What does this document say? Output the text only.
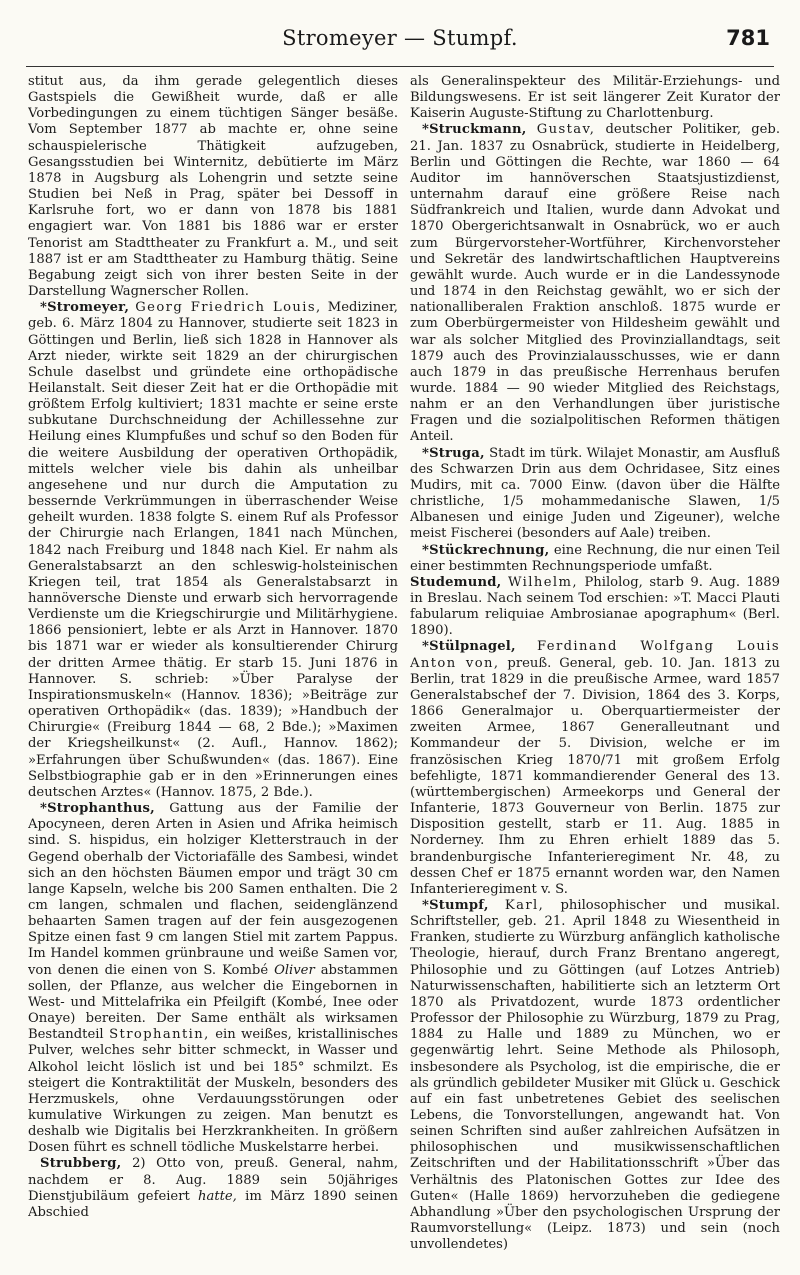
Stromeyer — Stumpf.	781

stitut aus, da ihm gerade gelegentlich dieses Gastspiels die Gewißheit wurde, daß er alle Vorbedingungen zu einem tüchtigen Sänger besäße. Vom September 1877 ab machte er, ohne seine schauspielerische Thätigkeit aufzugeben, Gesangsstudien bei Winternitz, debütierte im März 1878 in Augsburg als Lohengrin und setzte seine Studien bei Neß in Prag, später bei Dessoff in Karlsruhe fort, wo er dann von 1878 bis 1881 engagiert war. Von 1881 bis 1886 war er erster Tenorist am Stadttheater zu Frankfurt a. M., und seit 1887 ist er am Stadttheater zu Hamburg thätig. Seine Begabung zeigt sich von ihrer besten Seite in der Darstellung Wagnerscher Rollen.

*Stromeyer, Georg Friedrich Louis, Mediziner, geb. 6. März 1804 zu Hannover, studierte seit 1823 in Göttingen und Berlin, ließ sich 1828 in Hannover als Arzt nieder, wirkte seit 1829 an der chirurgischen Schule daselbst und gründete eine orthopädische Heilanstalt. Seit dieser Zeit hat er die Orthopädie mit größtem Erfolg kultiviert; 1831 machte er seine erste subkutane Durchschneidung der Achillessehne zur Heilung eines Klumpfußes und schuf so den Boden für die weitere Ausbildung der operativen Orthopädik, mittels welcher viele bis dahin als unheilbar angesehene und nur durch die Amputation zu bessernde Verkrümmungen in überraschender Weise geheilt wurden. 1838 folgte S. einem Ruf als Professor der Chirurgie nach Erlangen, 1841 nach München, 1842 nach Freiburg und 1848 nach Kiel. Er nahm als Generalstabsarzt an den schleswig-holsteinischen Kriegen teil, trat 1854 als Generalstabsarzt in hannöversche Dienste und erwarb sich hervorragende Verdienste um die Kriegschirurgie und Militärhygiene. 1866 pensioniert, lebte er als Arzt in Hannover. 1870 bis 1871 war er wieder als konsultierender Chirurg der dritten Armee thätig. Er starb 15. Juni 1876 in Hannover. S. schrieb: »Über Paralyse der Inspirationsmuskeln« (Hannov. 1836); »Beiträge zur operativen Orthopädik« (das. 1839); »Handbuch der Chirurgie« (Freiburg 1844 — 68, 2 Bde.); »Maximen der Kriegsheilkunst« (2. Aufl., Hannov. 1862); »Erfahrungen über Schußwunden« (das. 1867). Eine Selbstbiographie gab er in den »Erinnerungen eines deutschen Arztes« (Hannov. 1875, 2 Bde.).

*Strophanthus, Gattung aus der Familie der Apocyneen, deren Arten in Asien und Afrika heimisch sind. S. hispidus, ein holziger Kletterstrauch in der Gegend oberhalb der Victoriafälle des Sambesi, windet sich an den höchsten Bäumen empor und trägt 30 cm lange Kapseln, welche bis 200 Samen enthalten. Die 2 cm langen, schmalen und flachen, seidenglänzend behaarten Samen tragen auf der fein ausgezogenen Spitze einen fast 9 cm langen Stiel mit zartem Pappus. Im Handel kommen grünbraune und weiße Samen vor, von denen die einen von S. Kombé Oliver abstammen sollen, der Pflanze, aus welcher die Eingebornen in West- und Mittelafrika ein Pfeilgift (Kombé, Inee oder Onaye) bereiten. Der Same enthält als wirksamen Bestandteil Strophantin, ein weißes, kristallinisches Pulver, welches sehr bitter schmeckt, in Wasser und Alkohol leicht löslich ist und bei 185° schmilzt. Es steigert die Kontraktilität der Muskeln, besonders des Herzmuskels, ohne Verdauungsstörungen oder kumulative Wirkungen zu zeigen. Man benutzt es deshalb wie Digitalis bei Herzkrankheiten. In größern Dosen führt es schnell tödliche Muskelstarre herbei.

Strubberg, 2) Otto von, preuß. General, nahm, nachdem er 8. Aug. 1889 sein 50jähriges Dienstjubiläum gefeiert hatte, im März 1890 seinen Abschied

als Generalinspekteur des Militär-Erziehungs- und Bildungswesens. Er ist seit längerer Zeit Kurator der Kaiserin Auguste-Stiftung zu Charlottenburg.

*Struckmann, Gustav, deutscher Politiker, geb. 21. Jan. 1837 zu Osnabrück, studierte in Heidelberg, Berlin und Göttingen die Rechte, war 1860 — 64 Auditor im hannöverschen Staatsjustizdienst, unternahm darauf eine größere Reise nach Südfrankreich und Italien, wurde dann Advokat und 1870 Obergerichtsanwalt in Osnabrück, wo er auch zum Bürgervorsteher-Wortführer, Kirchenvorsteher und Sekretär des landwirtschaftlichen Hauptvereins gewählt wurde. Auch wurde er in die Landessynode und 1874 in den Reichstag gewählt, wo er sich der nationalliberalen Fraktion anschloß. 1875 wurde er zum Oberbürgermeister von Hildesheim gewählt und war als solcher Mitglied des Provinziallandtags, seit 1879 auch des Provinzialausschusses, wie er dann auch 1879 in das preußische Herrenhaus berufen wurde. 1884 — 90 wieder Mitglied des Reichstags, nahm er an den Verhandlungen über juristische Fragen und die sozialpolitischen Reformen thätigen Anteil.

*Struga, Stadt im türk. Wilajet Monastir, am Ausfluß des Schwarzen Drin aus dem Ochridasee, Sitz eines Mudirs, mit ca. 7000 Einw. (davon über die Hälfte christliche, 1/5 mohammedanische Slawen, 1/5 Albanesen und einige Juden und Zigeuner), welche meist Fischerei (besonders auf Aale) treiben.

*Stückrechnung, eine Rechnung, die nur einen Teil einer bestimmten Rechnungsperiode umfaßt.

Studemund, Wilhelm, Philolog, starb 9. Aug. 1889 in Breslau. Nach seinem Tod erschien: »T. Macci Plauti fabularum reliquiae Ambrosianae apographum« (Berl. 1890).

*Stülpnagel, Ferdinand Wolfgang Louis Anton von, preuß. General, geb. 10. Jan. 1813 zu Berlin, trat 1829 in die preußische Armee, ward 1857 Generalstabschef der 7. Division, 1864 des 3. Korps, 1866 Generalmajor u. Oberquartiermeister der zweiten Armee, 1867 Generalleutnant und Kommandeur der 5. Division, welche er im französischen Krieg 1870/71 mit großem Erfolg befehligte, 1871 kommandierender General des 13. (württembergischen) Armeekorps und General der Infanterie, 1873 Gouverneur von Berlin. 1875 zur Disposition gestellt, starb er 11. Aug. 1885 in Norderney. Ihm zu Ehren erhielt 1889 das 5. brandenburgische Infanterieregiment Nr. 48, zu dessen Chef er 1875 ernannt worden war, den Namen Infanterieregiment v. S.

*Stumpf, Karl, philosophischer und musikal. Schriftsteller, geb. 21. April 1848 zu Wiesentheid in Franken, studierte zu Würzburg anfänglich katholische Theologie, hierauf, durch Franz Brentano angeregt, Philosophie und zu Göttingen (auf Lotzes Antrieb) Naturwissenschaften, habilitierte sich an letzterm Ort 1870 als Privatdozent, wurde 1873 ordentlicher Professor der Philosophie zu Würzburg, 1879 zu Prag, 1884 zu Halle und 1889 zu München, wo er gegenwärtig lehrt. Seine Methode als Philosoph, insbesondere als Psycholog, ist die empirische, die er als gründlich gebildeter Musiker mit Glück u. Geschick auf ein fast unbetretenes Gebiet des seelischen Lebens, die Tonvorstellungen, angewandt hat. Von seinen Schriften sind außer zahlreichen Aufsätzen in philosophischen und musikwissenschaftlichen Zeitschriften und der Habilitationsschrift »Über das Verhältnis des Platonischen Gottes zur Idee des Guten« (Halle 1869) hervorzuheben die gediegene Abhandlung »Über den psychologischen Ursprung der Raumvorstellung« (Leipz. 1873) und sein (noch unvollendetes)
